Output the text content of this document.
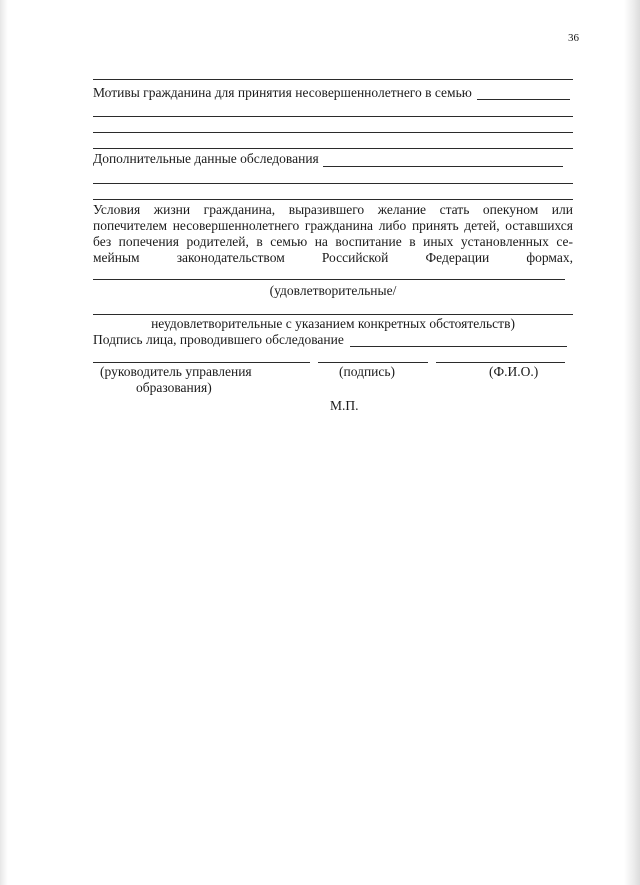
36
Мотивы гражданина для принятия несовершеннолетнего в семью
Дополнительные данные обследования
Условия жизни гражданина, выразившего желание стать опекуном или
попечителем несовершеннолетнего гражданина либо принять детей, оставшихся
без попечения родителей, в семью на воспитание в иных установленных се-
мейным законодательством Российской Федерации формах,
(удовлетворительные/
неудовлетворительные с указанием конкретных обстоятельств)
Подпись лица, проводившего обследование
(руководитель управления
образования)
(подпись)	(Ф.И.О.)
М.П.
